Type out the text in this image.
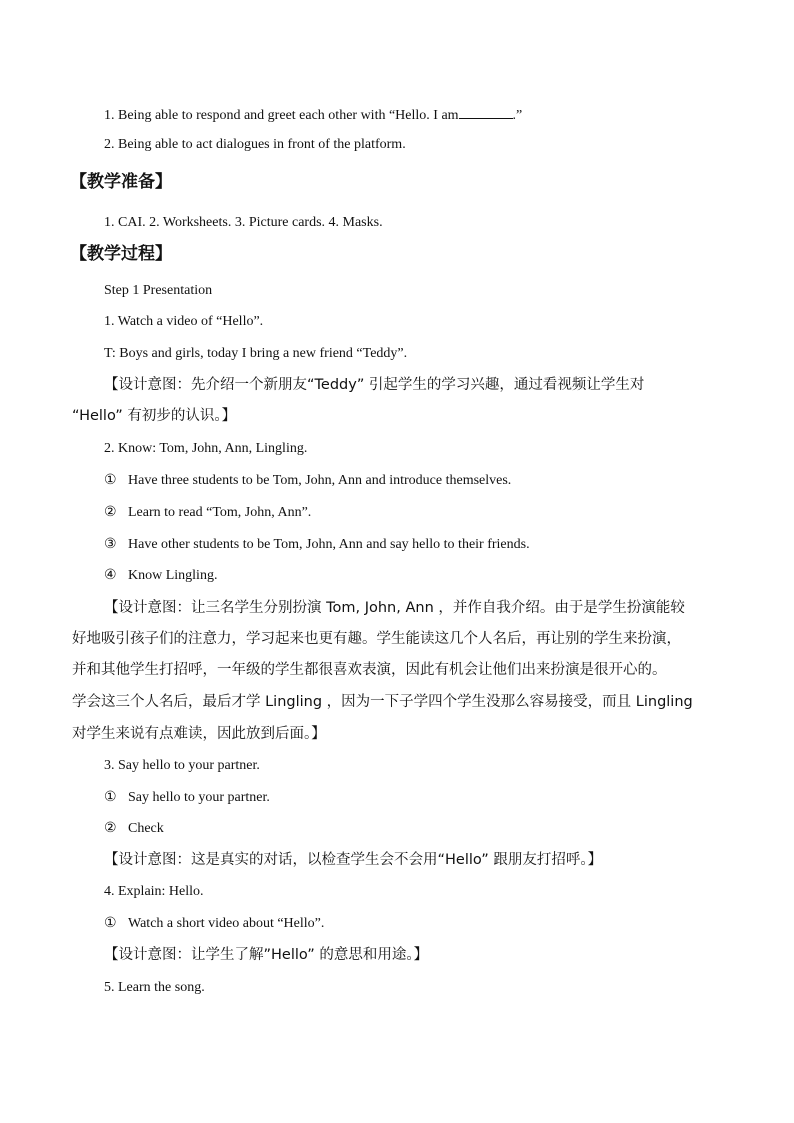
1. Being able to respond and greet each other with “Hello. I am	.”
2. Being able to act dialogues in front of the platform.
【教学准备】
1. CAI. 2. Worksheets. 3. Picture cards. 4. Masks.
【教学过程】
Step 1 Presentation
1. Watch a video of “Hello”.
T: Boys and girls, today I bring a new friend “Teddy”.
【设计意图：先介绍一个新朋友“Teddy” 引起学生的学习兴趣，通过看视频让学生对
“Hello” 有初步的认识。】
2. Know: Tom, John, Ann, Lingling.
① Have three students to be Tom, John, Ann and introduce themselves.
② Learn to read “Tom, John, Ann”.
③ Have other students to be Tom, John, Ann and say hello to their friends.
④ Know Lingling.
【设计意图：让三名学生分别扮演 Tom, John, Ann ，并作自我介绍。由于是学生扮演能较
好地吸引孩子们的注意力，学习起来也更有趣。学生能读这几个人名后，再让别的学生来扮演，
并和其他学生打招呼，一年级的学生都很喜欢表演，因此有机会让他们出来扮演是很开心的。
学会这三个人名后，最后才学 Lingling ，因为一下子学四个学生没那么容易接受，而且 Lingling
对学生来说有点难读，因此放到后面。】
3. Say hello to your partner.
① Say hello to your partner.
② Check
【设计意图：这是真实的对话，以检查学生会不会用“Hello” 跟朋友打招呼。】
4. Explain: Hello.
① Watch a short video about “Hello”.
【设计意图：让学生了解”Hello” 的意思和用途。】
5. Learn the song.
